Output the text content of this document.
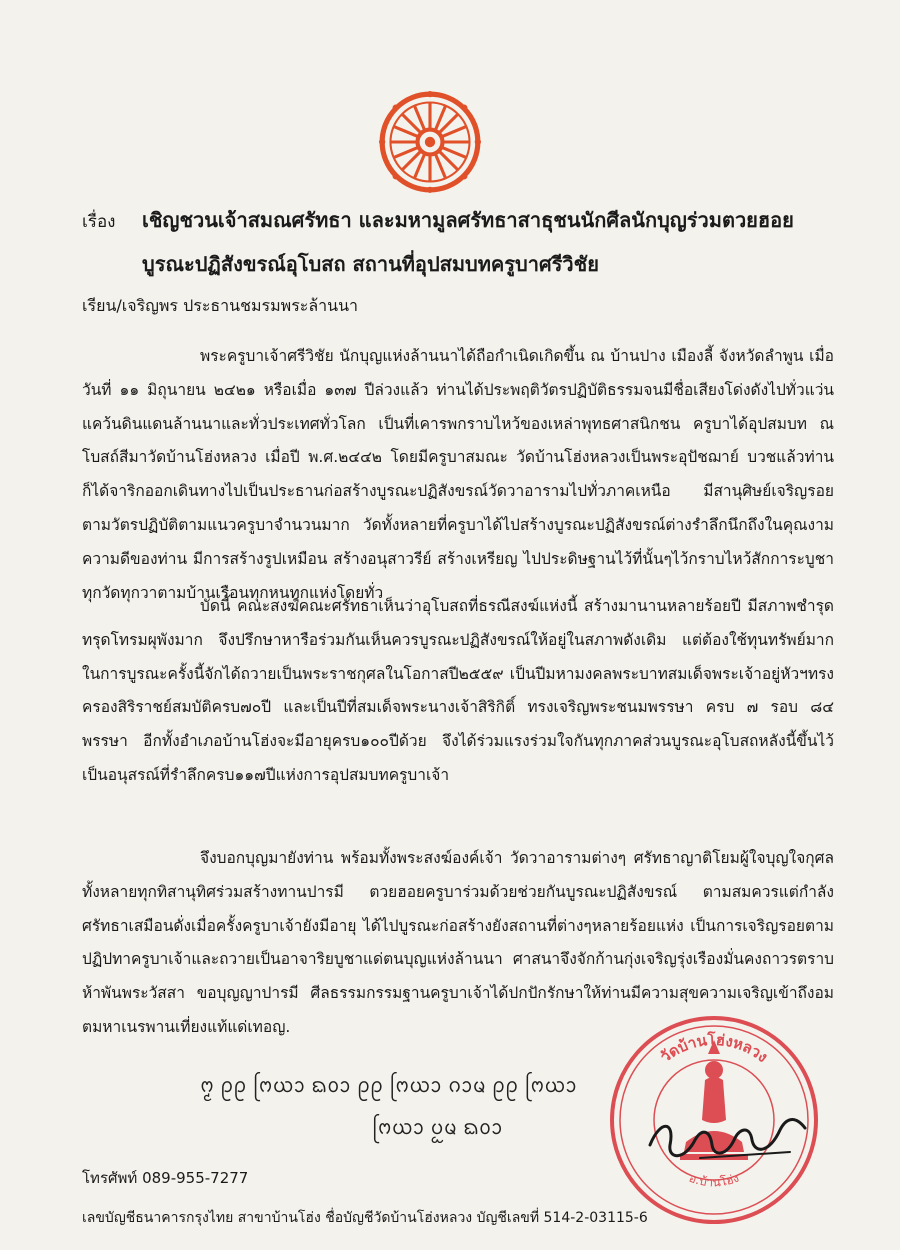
เรื่อง เชิญชวนเจ้าสมณศรัทธา และมหามูลศรัทธาสาธุชนนักศีลนักบุญร่วมตวยฮอย
บูรณะปฏิสังขรณ์อุโบสถ สถานที่อุปสมบทครูบาศรีวิชัย
เรียน/เจริญพร ประธานชมรมพระล้านนา
พระครูบาเจ้าศรีวิชัย นักบุญแห่งล้านนาได้ถือกำเนิดเกิดขึ้น ณ บ้านปาง เมืองลี้ จังหวัดลำพูน เมื่อวันที่ ๑๑ มิถุนายน ๒๔๒๑ หรือเมื่อ ๑๓๗ ปีล่วงแล้ว ท่านได้ประพฤติวัตรปฏิบัติธรรมจนมีชื่อเสียงโด่งดังไปทั่วแว่นแคว้นดินแดนล้านนาและทั่วประเทศทั่วโลก เป็นที่เคารพกราบไหว้ของเหล่าพุทธศาสนิกชน ครูบาได้อุปสมบท ณ โบสถ์สีมาวัดบ้านโฮ่งหลวง เมื่อปี พ.ศ.๒๔๔๒ โดยมีครูบาสมณะ วัดบ้านโฮ่งหลวงเป็นพระอุปัชฌาย์ บวชแล้วท่านก็ได้จาริกออกเดินทางไปเป็นประธานก่อสร้างบูรณะปฏิสังขรณ์วัดวาอารามไปทั่วภาคเหนือ มีสานุศิษย์เจริญรอยตามวัตรปฏิบัติตามแนวครูบาจำนวนมาก วัดทั้งหลายที่ครูบาได้ไปสร้างบูรณะปฏิสังขรณ์ต่างรำลึกนึกถึงในคุณงามความดีของท่าน มีการสร้างรูปเหมือน สร้างอนุสาวรีย์ สร้างเหรียญ ไปประดิษฐานไว้ที่นั้นๆไว้กราบไหว้สักการะบูชาทุกวัดทุกวาตามบ้านเรือนทุกหนทุกแห่งโดยทั่ว
บัดนี้ คณะสงฆ์คณะศรัทธาเห็นว่าอุโบสถที่ธรณีสงฆ์แห่งนี้ สร้างมานานหลายร้อยปี มีสภาพชำรุดทรุดโทรมผุพังมาก จึงปรึกษาหารือร่วมกันเห็นควรบูรณะปฏิสังขรณ์ให้อยู่ในสภาพดังเดิม แต่ต้องใช้ทุนทรัพย์มาก ในการบูรณะครั้งนี้จักได้ถวายเป็นพระราชกุศลในโอกาสปี๒๕๕๙ เป็นปีมหามงคลพระบาทสมเด็จพระเจ้าอยู่หัวฯทรงครองสิริราชย์สมบัติครบ๗๐ปี และเป็นปีที่สมเด็จพระนางเจ้าสิริกิติ์ ทรงเจริญพระชนมพรรษา ครบ ๗ รอบ ๘๔ พรรษา อีกทั้งอำเภอบ้านโฮ่งจะมีอายุครบ๑๐๐ปีด้วย จึงได้ร่วมแรงร่วมใจกันทุกภาคส่วนบูรณะอุโบสถหลังนี้ขึ้นไว้เป็นอนุสรณ์ที่รำลึกครบ๑๑๗ปีแห่งการอุปสมบทครูบาเจ้า
จึงบอกบุญมายังท่าน พร้อมทั้งพระสงฆ์องค์เจ้า วัดวาอารามต่างๆ ศรัทธาญาติโยมผู้ใจบุญใจกุศลทั้งหลายทุกทิสานุทิศร่วมสร้างทานปารมี ตวยฮอยครูบาร่วมด้วยช่วยกันบูรณะปฏิสังขรณ์ ตามสมควรแต่กำลังศรัทธาเสมือนดั่งเมื่อครั้งครูบาเจ้ายังมีอายุ ได้ไปบูรณะก่อสร้างยังสถานที่ต่างๆหลายร้อยแห่ง เป็นการเจริญรอยตามปฏิปทาครูบาเจ้าและถวายเป็นอาจาริยบูชาแด่ตนบุญแห่งล้านนา ศาสนาจึงจักก้านกุ่งเจริญรุ่งเรืองมั่นคงถาวรตราบห้าพันพระวัสสา ขอบุญญาปารมี ศีลธรรมกรรมฐานครูบาเจ้าได้ปกปักรักษาให้ท่านมีความสุขความเจริญเข้าถึงอมตมหาเนรพานเที่ยงแท้แด่เทอญ.
ᨻ᩠ᨾ ᩑᩑ ᨻᩕᨿᩣ ᨳᩅᩣ ᩑᩑ ᨻᩕᨿᩣ ᨣᩣᨾ ᩑᩑ ᨻᩕᨿᩣ
ᨻᩕᨿᩣ ᨷᩬᨾ ᨳᩅᩣ
วัดบ้านโฮ่งหลวง
อ.บ้านโฮ่ง
โทรศัพท์ 089-955-7277
เลขบัญชีธนาคารกรุงไทย สาขาบ้านโฮ่ง ชื่อบัญชีวัดบ้านโฮ่งหลวง บัญชีเลขที่ 514-2-03115-6
